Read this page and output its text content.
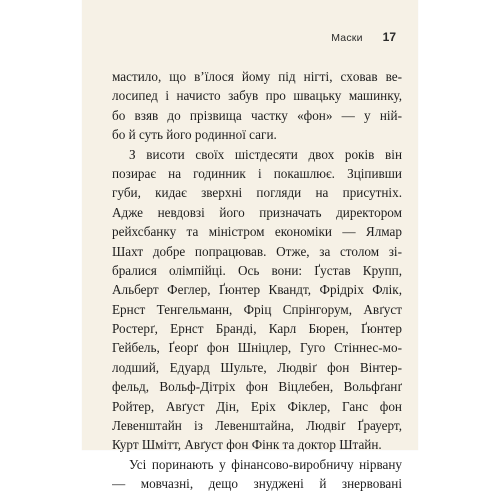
Маски 17
мастило, що в’їлося йому під нігті, схoвав ве-
лосипед і начисто забув про швацьку машинку,
бо взяв до прізвища частку «фон» — у ній-
бо й суть його родинної саги.
З висоти своїх шістдесяти двох років він
позирає на годинник і покашлює. Зціпивши
губи, кидає зверхні погляди на присутніх.
Адже невдовзі його призначать директором
рейхсбанку та міністром економіки — Ялмар
Шахт добре попрацював. Отже, за столом зі-
бралися олімпійці. Ось вони: Ґустав Крупп,
Альберт Феглер, Ґюнтер Квандт, Фрідріх Флік,
Ернст Тенгельманн, Фріц Спрінгорум, Авґуст
Ростерґ, Ернст Бранді, Карл Бюрен, Ґюнтер
Гейбель, Ґеорґ фон Шніцлер, Гуго Стіннес-мо-
лодший, Едуард Шульте, Людвіґ фон Вінтер-
фельд, Вольф-Дітріх фон Віцлебен, Вольфґанґ
Ройтер, Авґуст Дін, Еріх Фіклер, Ганс фон
Левенштайн із Левенштайна, Людвіґ Ґрауерт,
Курт Шмітт, Авґуст фон Фінк та доктор Штайн.
Усі поринають у фінансово-виробничу нірвану
— мовчазні, дещо знуджені й знервовані
